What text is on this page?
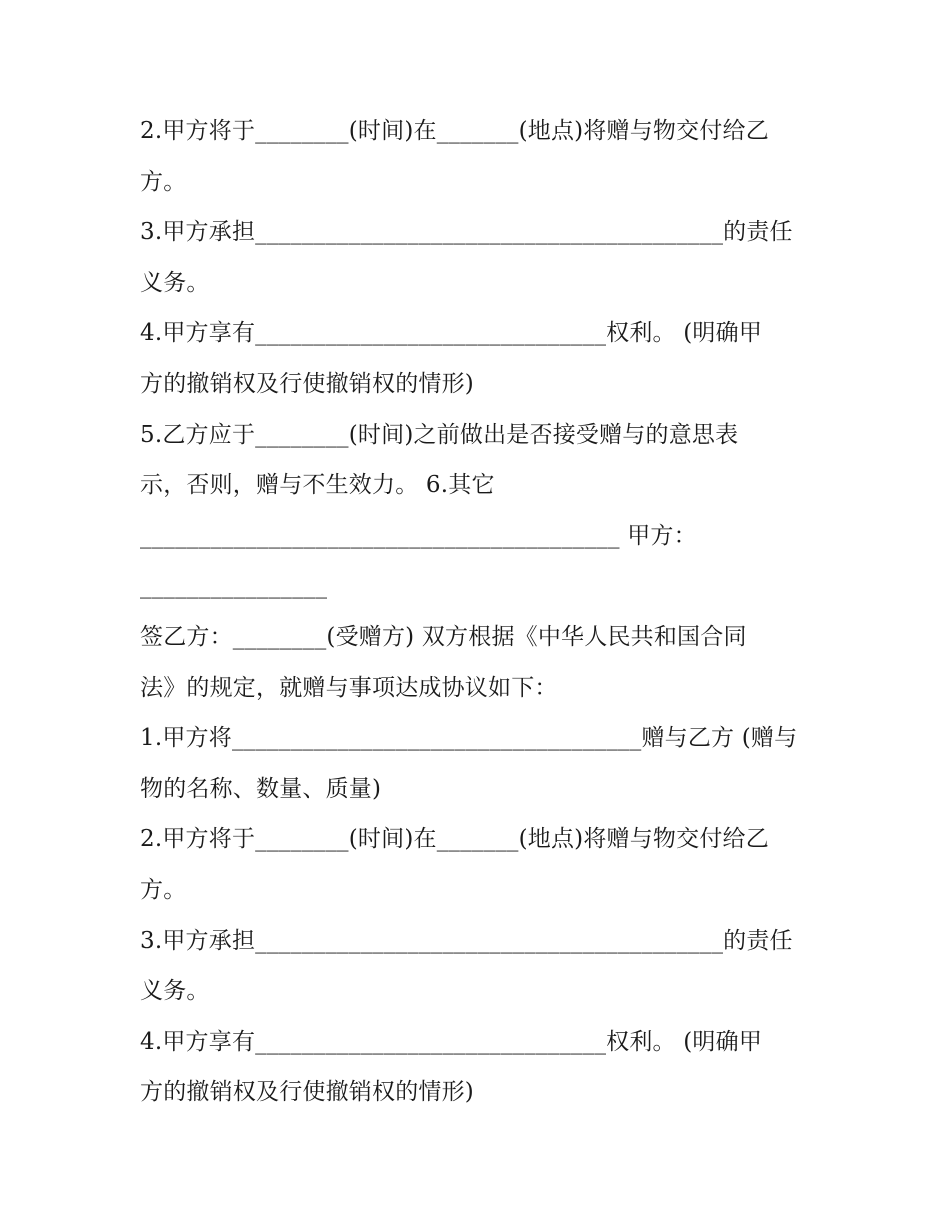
2.甲方将于________(时间)在_______(地点)将赠与物交付给乙
方。
3.甲方承担________________________________________的责任
义务。
4.甲方享有______________________________权利。 (明确甲
方的撤销权及行使撤销权的情形)
5.乙方应于________(时间)之前做出是否接受赠与的意思表
示，否则，赠与不生效力。 6.其它
_________________________________________ 甲方：
________________
签乙方：________(受赠方) 双方根据《中华人民共和国合同
法》的规定，就赠与事项达成协议如下：
1.甲方将___________________________________赠与乙方 (赠与
物的名称、数量、质量)
2.甲方将于________(时间)在_______(地点)将赠与物交付给乙
方。
3.甲方承担________________________________________的责任
义务。
4.甲方享有______________________________权利。 (明确甲
方的撤销权及行使撤销权的情形)
